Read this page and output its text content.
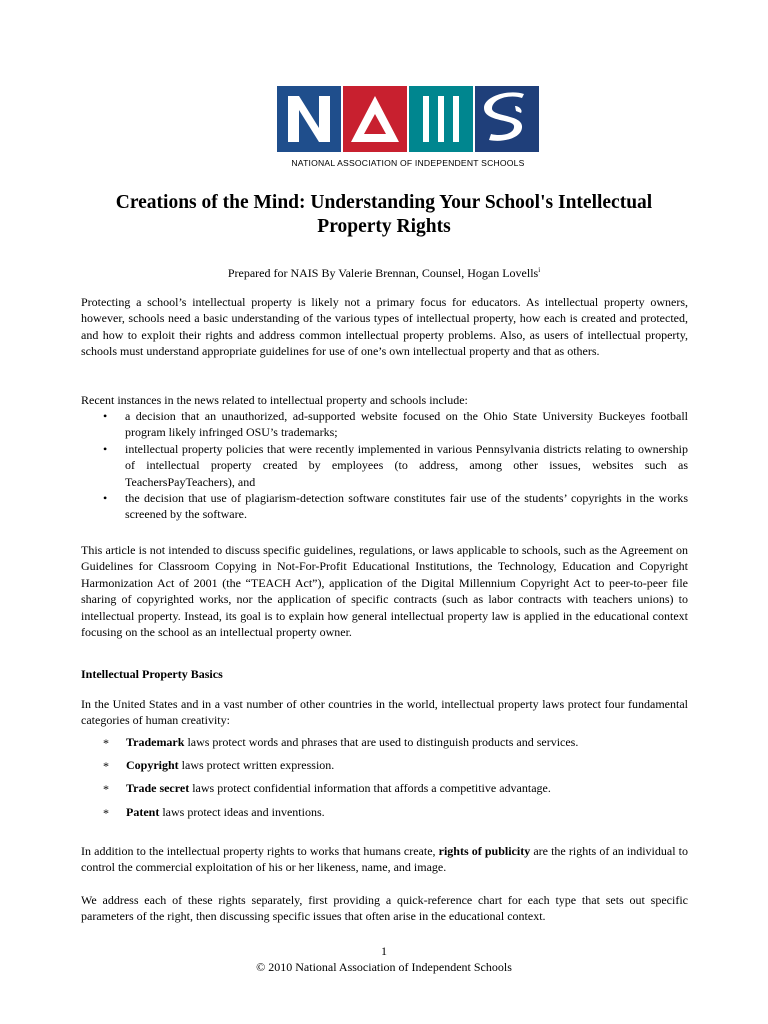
NATIONAL ASSOCIATION OF INDEPENDENT SCHOOLS
Creations of the Mind: Understanding Your School's Intellectual Property Rights
Prepared for NAIS By Valerie Brennan, Counsel, Hogan Lovells$^i$

Protecting a school’s intellectual property is likely not a primary focus for educators. As intellectual property owners, however, schools need a basic understanding of the various types of intellectual property, how each is created and protected, and how to exploit their rights and address common intellectual property problems. Also, as users of intellectual property, schools must understand appropriate guidelines for use of one’s own intellectual property and that as others.

Recent instances in the news related to intellectual property and schools include:

• a decision that an unauthorized, ad-supported website focused on the Ohio State University Buckeyes football program likely infringed OSU’s trademarks;
• intellectual property policies that were recently implemented in various Pennsylvania districts relating to ownership of intellectual property created by employees (to address, among other issues, websites such as TeachersPayTeachers), and
• the decision that use of plagiarism-detection software constitutes fair use of the students’ copyrights in the works screened by the software.

This article is not intended to discuss specific guidelines, regulations, or laws applicable to schools, such as the Agreement on Guidelines for Classroom Copying in Not-For-Profit Educational Institutions, the Technology, Education and Copyright Harmonization Act of 2001 (the “TEACH Act”), application of the Digital Millennium Copyright Act to peer-to-peer file sharing of copyrighted works, nor the application of specific contracts (such as labor contracts with teachers unions) to intellectual property. Instead, its goal is to explain how general intellectual property law is applied in the educational context focusing on the school as an intellectual property owner.

Intellectual Property Basics

In the United States and in a vast number of other countries in the world, intellectual property laws protect four fundamental categories of human creativity:

* Trademark laws protect words and phrases that are used to distinguish products and services.
* Copyright laws protect written expression.
* Trade secret laws protect confidential information that affords a competitive advantage.
* Patent laws protect ideas and inventions.

In addition to the intellectual property rights to works that humans create, rights of publicity are the rights of an individual to control the commercial exploitation of his or her likeness, name, and image.

We address each of these rights separately, first providing a quick-reference chart for each type that sets out specific parameters of the right, then discussing specific issues that often arise in the educational context.

1
© 2010 National Association of Independent Schools
